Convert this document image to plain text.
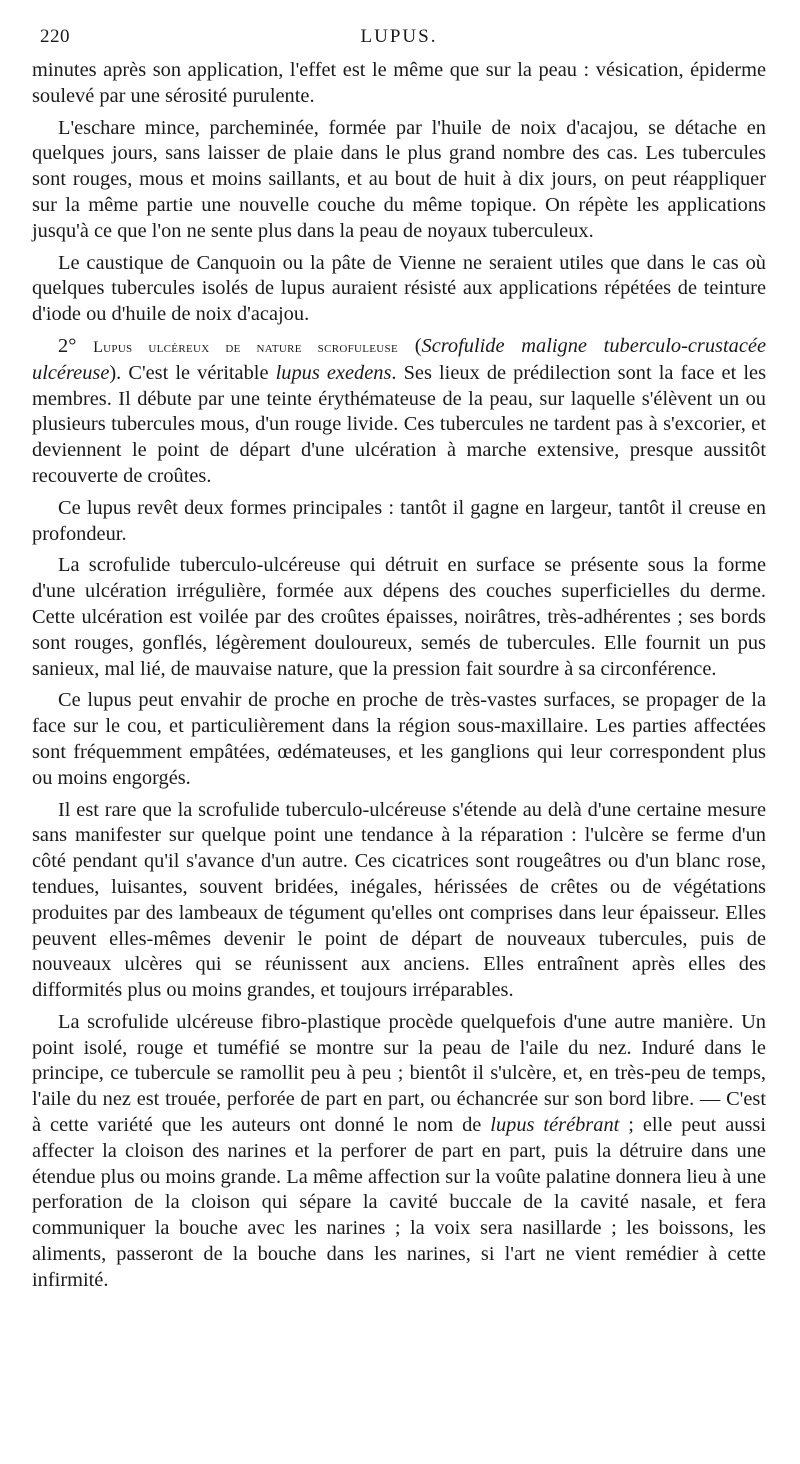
220	LUPUS.

minutes après son application, l'effet est le même que sur la peau : vésication, épiderme soulevé par une sérosité purulente.

L'eschare mince, parcheminée, formée par l'huile de noix d'acajou, se détache en quelques jours, sans laisser de plaie dans le plus grand nombre des cas. Les tubercules sont rouges, mous et moins saillants, et au bout de huit à dix jours, on peut réappliquer sur la même partie une nouvelle couche du même topique. On répète les applications jusqu'à ce que l'on ne sente plus dans la peau de noyaux tuberculeux.

Le caustique de Canquoin ou la pâte de Vienne ne seraient utiles que dans le cas où quelques tubercules isolés de lupus auraient résisté aux applications répétées de teinture d'iode ou d'huile de noix d'acajou.

2° Lupus ulcéreux de nature scrofuleuse (Scrofulide maligne tuberculo-crustacée ulcéreuse). C'est le véritable lupus exedens. Ses lieux de prédilection sont la face et les membres. Il débute par une teinte érythémateuse de la peau, sur laquelle s'élèvent un ou plusieurs tubercules mous, d'un rouge livide. Ces tubercules ne tardent pas à s'excorier, et deviennent le point de départ d'une ulcération à marche extensive, presque aussitôt recouverte de croûtes.

Ce lupus revêt deux formes principales : tantôt il gagne en largeur, tantôt il creuse en profondeur.

La scrofulide tuberculo-ulcéreuse qui détruit en surface se présente sous la forme d'une ulcération irrégulière, formée aux dépens des couches superficielles du derme. Cette ulcération est voilée par des croûtes épaisses, noirâtres, très-adhérentes ; ses bords sont rouges, gonflés, légèrement douloureux, semés de tubercules. Elle fournit un pus sanieux, mal lié, de mauvaise nature, que la pression fait sourdre à sa circonférence.

Ce lupus peut envahir de proche en proche de très-vastes surfaces, se propager de la face sur le cou, et particulièrement dans la région sous-maxillaire. Les parties affectées sont fréquemment empâtées, œdémateuses, et les ganglions qui leur correspondent plus ou moins engorgés.

Il est rare que la scrofulide tuberculo-ulcéreuse s'étende au delà d'une certaine mesure sans manifester sur quelque point une tendance à la réparation : l'ulcère se ferme d'un côté pendant qu'il s'avance d'un autre. Ces cicatrices sont rougeâtres ou d'un blanc rose, tendues, luisantes, souvent bridées, inégales, hérissées de crêtes ou de végétations produites par des lambeaux de tégument qu'elles ont comprises dans leur épaisseur. Elles peuvent elles-mêmes devenir le point de départ de nouveaux tubercules, puis de nouveaux ulcères qui se réunissent aux anciens. Elles entraînent après elles des difformités plus ou moins grandes, et toujours irréparables.

La scrofulide ulcéreuse fibro-plastique procède quelquefois d'une autre manière. Un point isolé, rouge et tuméfié se montre sur la peau de l'aile du nez. Induré dans le principe, ce tubercule se ramollit peu à peu ; bientôt il s'ulcère, et, en très-peu de temps, l'aile du nez est trouée, perforée de part en part, ou échancrée sur son bord libre. — C'est à cette variété que les auteurs ont donné le nom de lupus térébrant ; elle peut aussi affecter la cloison des narines et la perforer de part en part, puis la détruire dans une étendue plus ou moins grande. La même affection sur la voûte palatine donnera lieu à une perforation de la cloison qui sépare la cavité buccale de la cavité nasale, et fera communiquer la bouche avec les narines ; la voix sera nasillarde ; les boissons, les aliments, passeront de la bouche dans les narines, si l'art ne vient remédier à cette infirmité.
